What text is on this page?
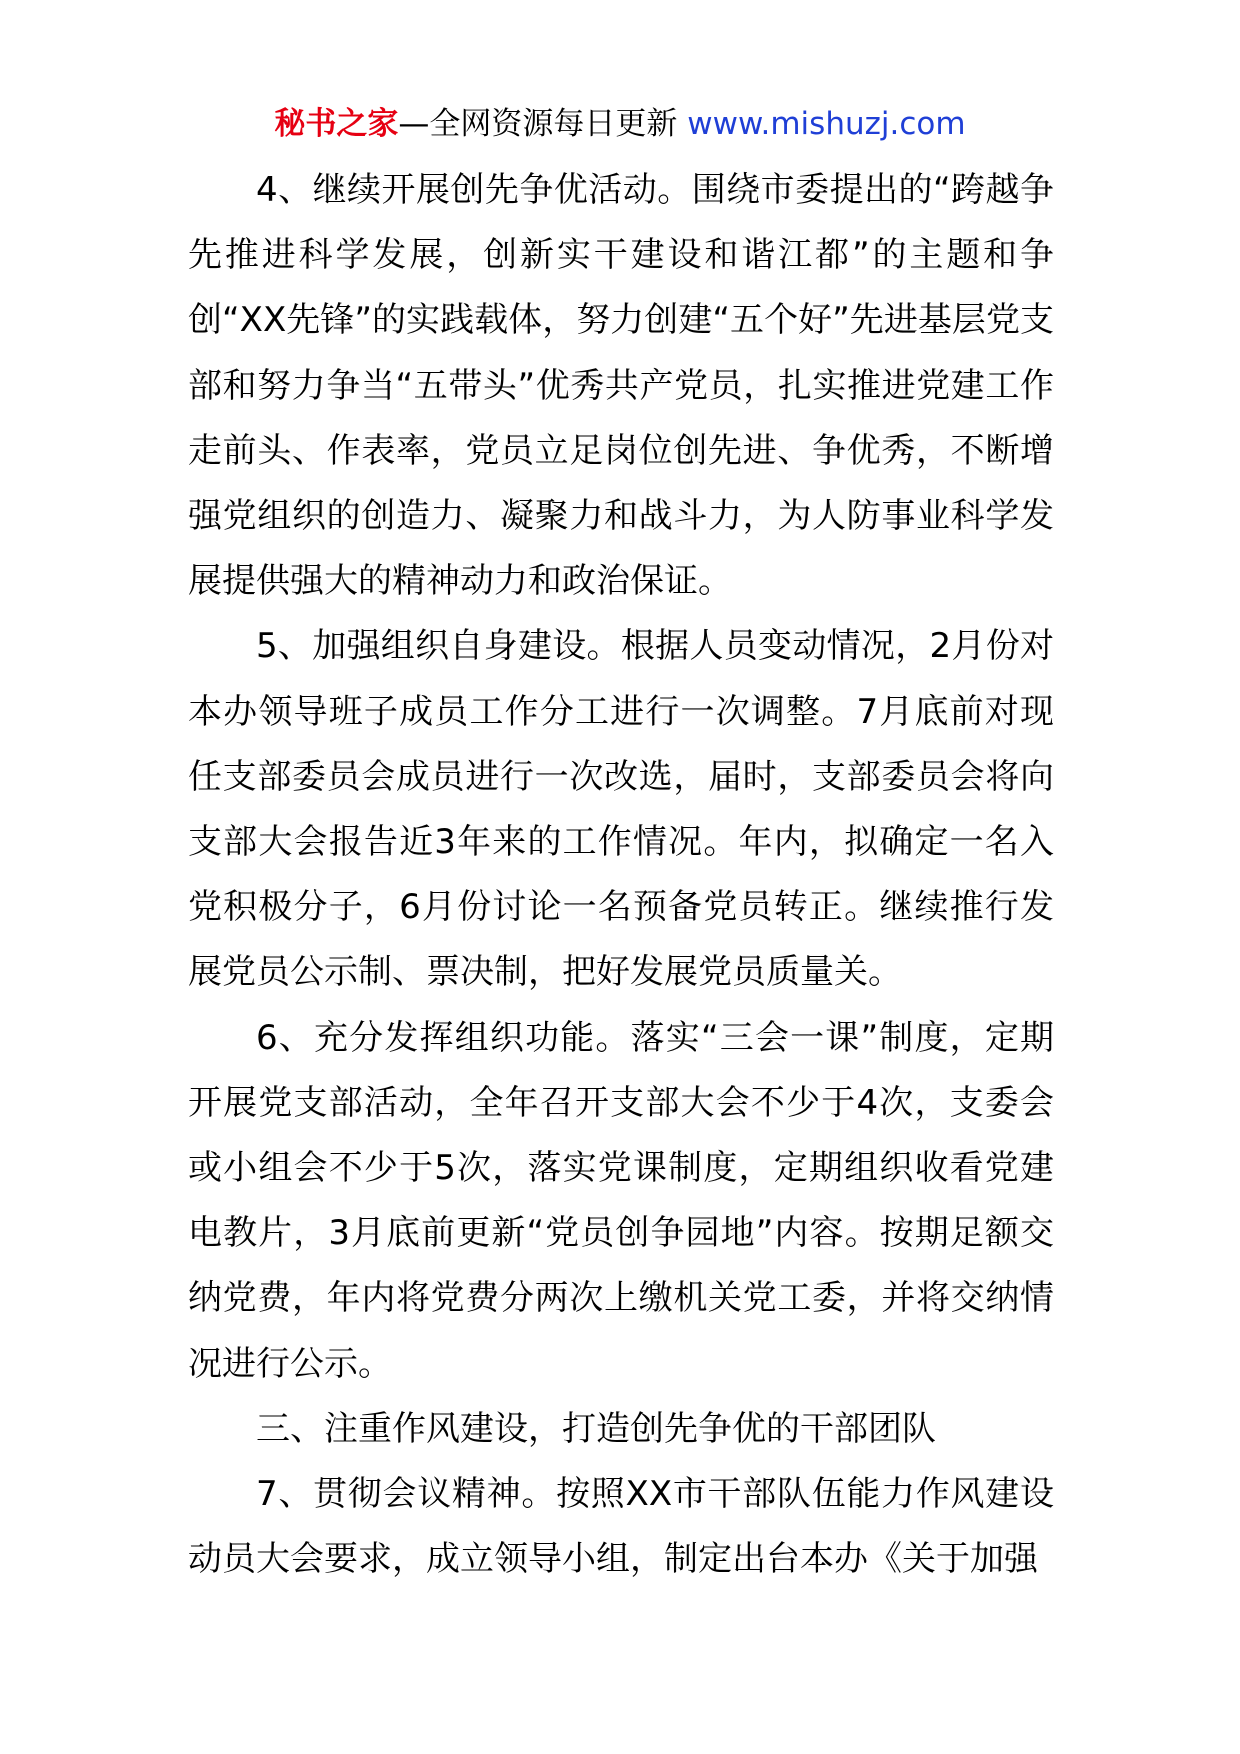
秘书之家—全网资源每日更新 www.mishuzj.com

4、继续开展创先争优活动。围绕市委提出的“跨越争先推进科学发展，创新实干建设和谐江都”的主题和争创“XX先锋”的实践载体，努力创建“五个好”先进基层党支部和努力争当“五带头”优秀共产党员，扎实推进党建工作走前头、作表率，党员立足岗位创先进、争优秀，不断增强党组织的创造力、凝聚力和战斗力，为人防事业科学发展提供强大的精神动力和政治保证。

5、加强组织自身建设。根据人员变动情况，2月份对本办领导班子成员工作分工进行一次调整。7月底前对现任支部委员会成员进行一次改选，届时，支部委员会将向支部大会报告近3年来的工作情况。年内，拟确定一名入党积极分子，6月份讨论一名预备党员转正。继续推行发展党员公示制、票决制，把好发展党员质量关。

6、充分发挥组织功能。落实“三会一课”制度，定期开展党支部活动，全年召开支部大会不少于4次，支委会或小组会不少于5次，落实党课制度，定期组织收看党建电教片，3月底前更新“党员创争园地”内容。按期足额交纳党费，年内将党费分两次上缴机关党工委，并将交纳情况进行公示。

三、注重作风建设，打造创先争优的干部团队

7、贯彻会议精神。按照XX市干部队伍能力作风建设动员大会要求，成立领导小组，制定出台本办《关于加强
